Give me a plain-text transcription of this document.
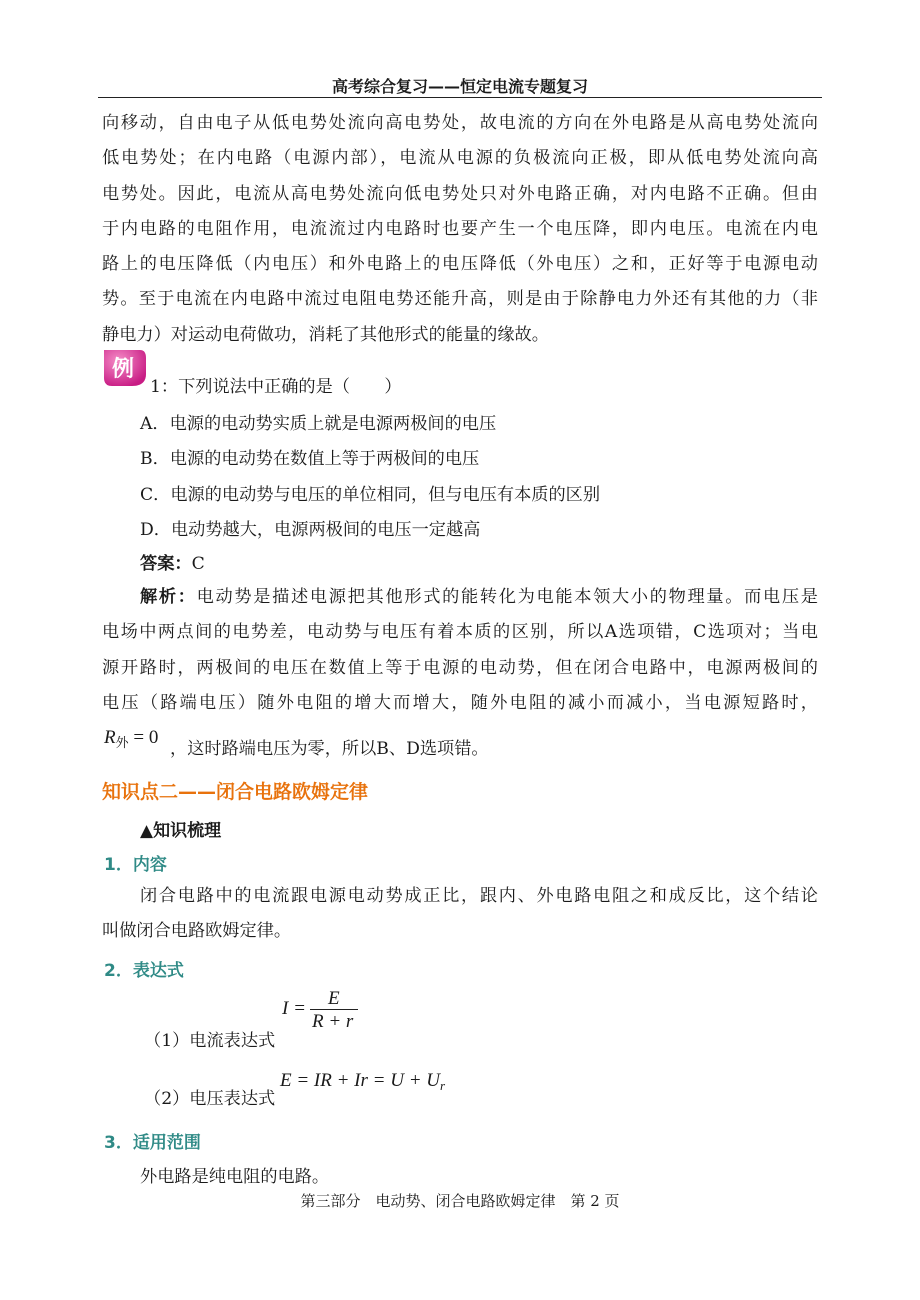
高考综合复习——恒定电流专题复习
向移动，自由电子从低电势处流向高电势处，故电流的方向在外电路是从高电势处流向
低电势处；在内电路（电源内部），电流从电源的负极流向正极，即从低电势处流向高
电势处。因此，电流从高电势处流向低电势处只对外电路正确，对内电路不正确。但由
于内电路的电阻作用，电流流过内电路时也要产生一个电压降，即内电压。电流在内电
路上的电压降低（内电压）和外电路上的电压降低（外电压）之和，正好等于电源电动
势。至于电流在内电路中流过电阻电势还能升高，则是由于除静电力外还有其他的力（非
静电力）对运动电荷做功，消耗了其他形式的能量的缘故。
例
1：下列说法中正确的是（　　）
A．电源的电动势实质上就是电源两极间的电压
B．电源的电动势在数值上等于两极间的电压
C．电源的电动势与电压的单位相同，但与电压有本质的区别
D．电动势越大，电源两极间的电压一定越高
答案：C
解析：电动势是描述电源把其他形式的能转化为电能本领大小的物理量。而电压是
电场中两点间的电势差，电动势与电压有着本质的区别，所以A选项错，C选项对；当电
源开路时，两极间的电压在数值上等于电源的电动势，但在闭合电路中，电源两极间的
电压（路端电压）随外电阻的增大而增大，随外电阻的减小而减小，当电源短路时，
$R_外 = 0$
，这时路端电压为零，所以B、D选项错。
知识点二——闭合电路欧姆定律
▲知识梳理
1．内容
闭合电路中的电流跟电源电动势成正比，跟内、外电路电阻之和成反比，这个结论
叫做闭合电路欧姆定律。
2．表达式
I = E
R + r
（1）电流表达式
（2）电压表达式
E = IR + $Ir = U + U_r$
3．适用范围
外电路是纯电阻的电路。
第三部分　电动势、闭合电路欧姆定律　第 2 页
